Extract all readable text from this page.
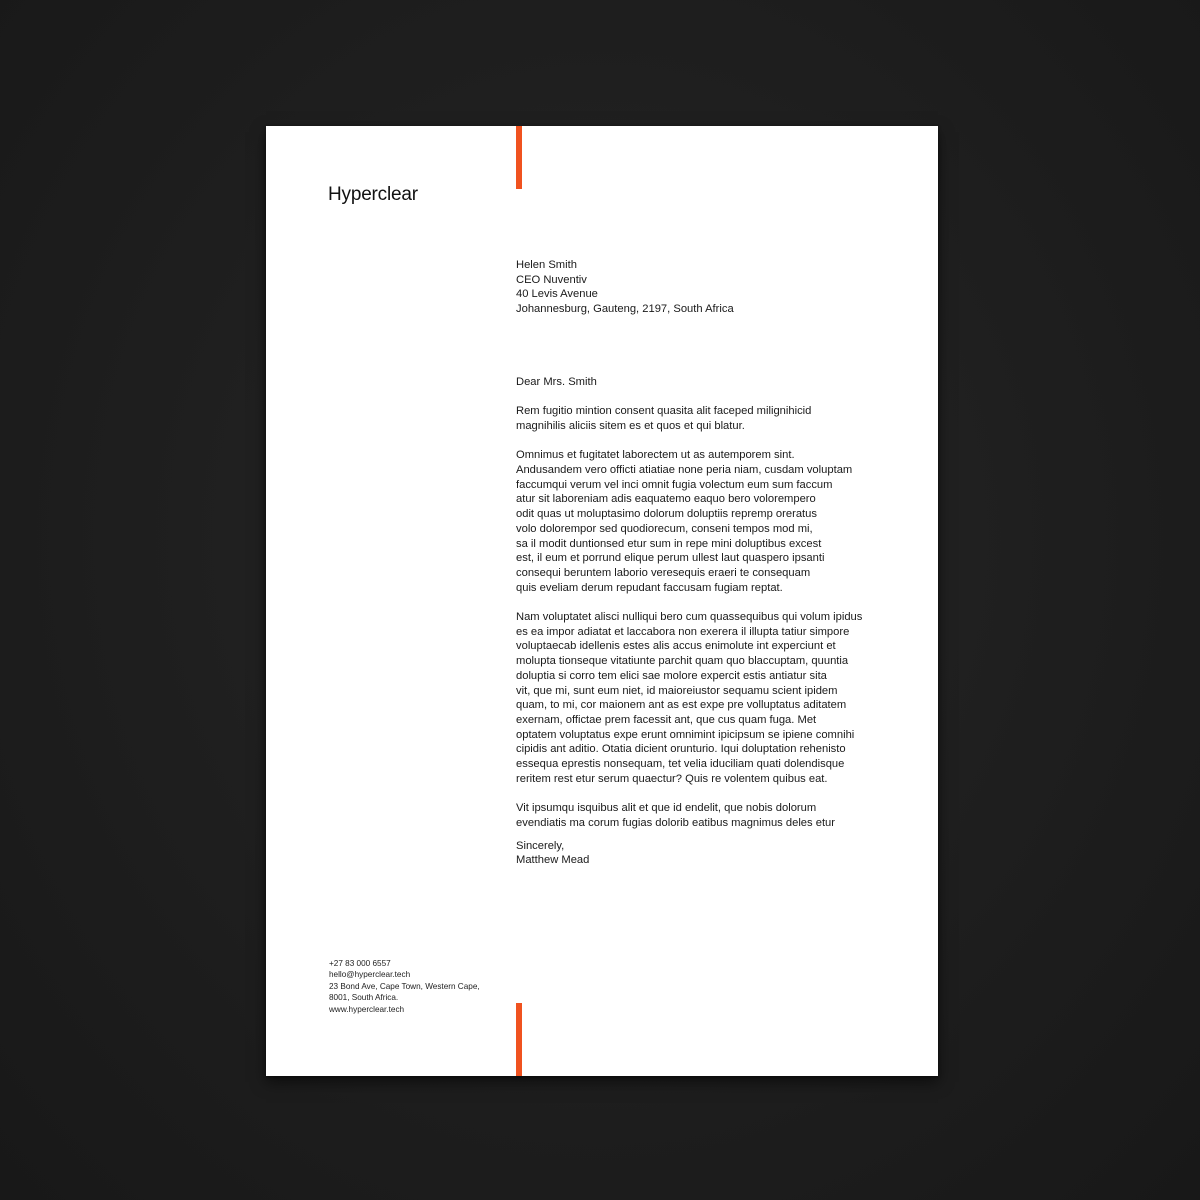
Hyperclear
Helen Smith
CEO Nuventiv
40 Levis Avenue
Johannesburg, Gauteng, 2197, South Africa
Dear Mrs. Smith
Rem fugitio mintion consent quasita alit faceped milignihicid
magnihilis aliciis sitem es et quos et qui blatur.
Omnimus et fugitatet laborectem ut as autemporem sint.
Andusandem vero officti atiatiae none peria niam, cusdam voluptam
faccumqui verum vel inci omnit fugia volectum eum sum faccum
atur sit laboreniam adis eaquatemo eaquo bero volorempero
odit quas ut moluptasimo dolorum doluptiis repremp oreratus
volo dolorempor sed quodiorecum, conseni tempos mod mi,
sa il modit duntionsed etur sum in repe mini doluptibus excest
est, il eum et porrund elique perum ullest laut quaspero ipsanti
consequi beruntem laborio veresequis eraeri te consequam
quis eveliam derum repudant faccusam fugiam reptat.
Nam voluptatet alisci nulliqui bero cum quassequibus qui volum ipidus
es ea impor adiatat et laccabora non exerera il illupta tatiur simpore
voluptaecab idellenis estes alis accus enimolute int experciunt et
molupta tionseque vitatiunte parchit quam quo blaccuptam, quuntia
doluptia si corro tem elici sae molore expercit estis antiatur sita
vit, que mi, sunt eum niet, id maioreiustor sequamu scient ipidem
quam, to mi, cor maionem ant as est expe pre volluptatus aditatem
exernam, offictae prem facessit ant, que cus quam fuga. Met
optatem voluptatus expe erunt omnimint ipicipsum se ipiene comnihi
cipidis ant aditio. Otatia dicient orunturio. Iqui doluptation rehenisto
essequa eprestis nonsequam, tet velia iduciliam quati dolendisque
reritem rest etur serum quaectur? Quis re volentem quibus eat.
Vit ipsumqu isquibus alit et que id endelit, que nobis dolorum
evendiatis ma corum fugias dolorib eatibus magnimus deles etur
Sincerely,
Matthew Mead
+27 83 000 6557
hello@hyperclear.tech
23 Bond Ave, Cape Town, Western Cape,
8001, South Africa.
www.hyperclear.tech
